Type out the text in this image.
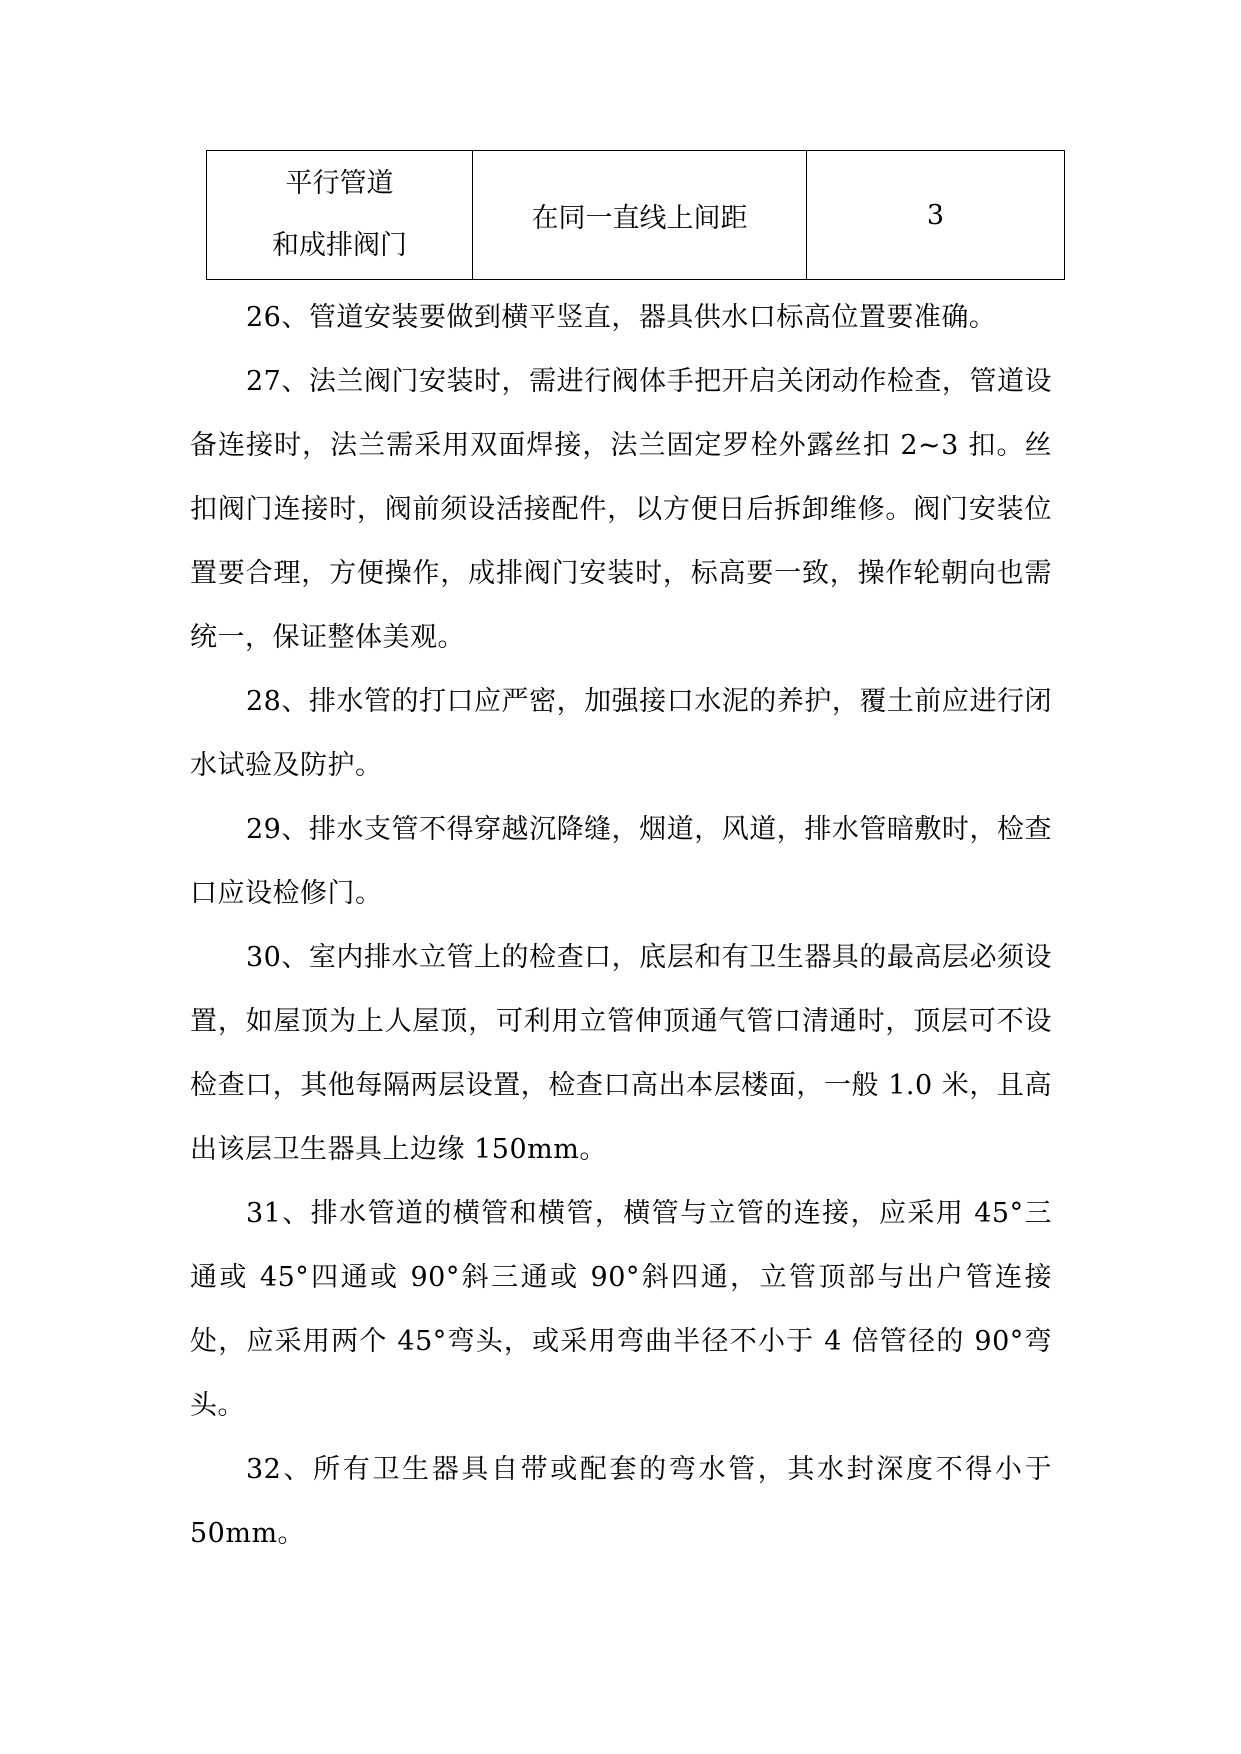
平行管道
和成排阀门
	在同一直线上间距	3

26、管道安装要做到横平竖直，器具供水口标高位置要准确。

27、法兰阀门安装时，需进行阀体手把开启关闭动作检查，管道设备连接时，法兰需采用双面焊接，法兰固定罗栓外露丝扣 2~3 扣。丝扣阀门连接时，阀前须设活接配件，以方便日后拆卸维修。阀门安装位置要合理，方便操作，成排阀门安装时，标高要一致，操作轮朝向也需统一，保证整体美观。

28、排水管的打口应严密，加强接口水泥的养护，覆土前应进行闭水试验及防护。

29、排水支管不得穿越沉降缝，烟道，风道，排水管暗敷时，检查口应设检修门。

30、室内排水立管上的检查口，底层和有卫生器具的最高层必须设置，如屋顶为上人屋顶，可利用立管伸顶通气管口清通时，顶层可不设检查口，其他每隔两层设置，检查口高出本层楼面，一般 1.0 米，且高出该层卫生器具上边缘 150mm。

31、排水管道的横管和横管，横管与立管的连接，应采用 45°三通或 45°四通或 90°斜三通或 90°斜四通，立管顶部与出户管连接处，应采用两个 45°弯头，或采用弯曲半径不小于 4 倍管径的 90°弯头。

32、所有卫生器具自带或配套的弯水管，其水封深度不得小于 50mm。
